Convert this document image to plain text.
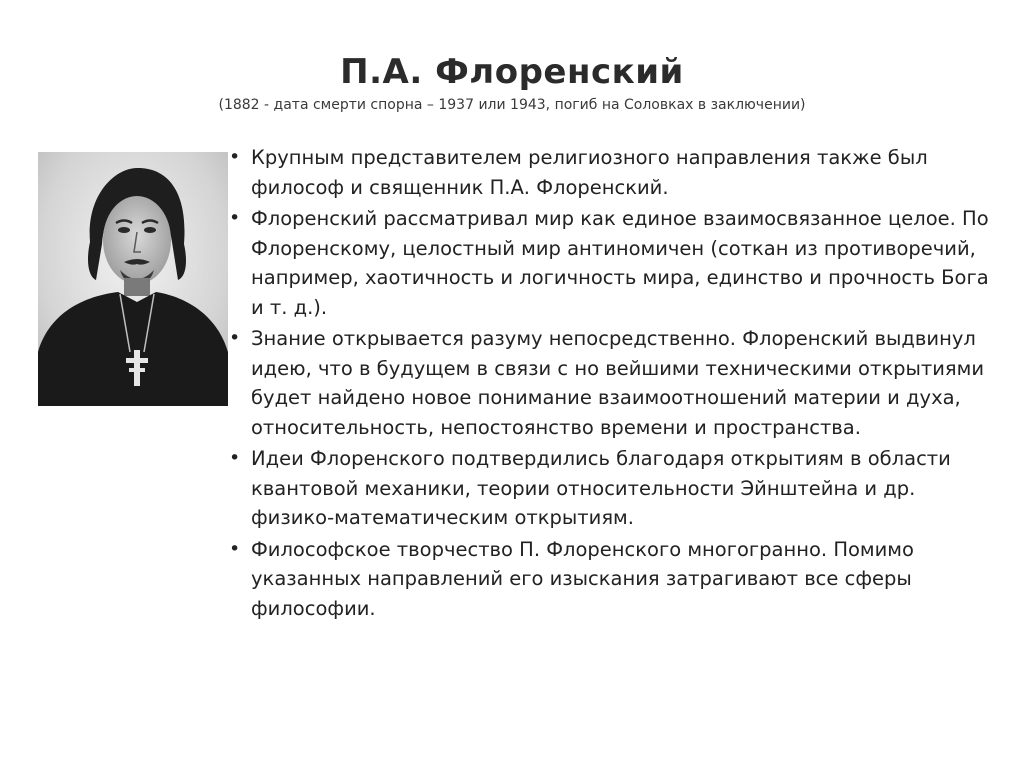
П.А. Флоренский
(1882 - дата смерти спорна – 1937 или 1943, погиб на Соловках в заключении)
• Крупным представителем религиозного направления также был философ и священник П.А. Флоренский.
• Флоренский рассматривал мир как единое взаимосвязанное целое. По Флоренскому, целостный мир антиномичен (соткан из противоречий, например, хаотичность и логичность мира, единство и прочность Бога и т. д.).
• Знание открывается разуму непосредственно. Флоренский выдвинул идею, что в будущем в связи с но вейшими техническими открытиями будет найдено новое понимание взаимоотношений материи и духа, относительность, непостоянство времени и пространства.
• Идеи Флоренского подтвердились благодаря открытиям в области квантовой механики, теории относительности Эйнштейна и др. физико-математическим открытиям.
• Философское творчество П. Флоренского многогранно. Помимо указанных направлений его изыскания затрагивают все сферы философии.
